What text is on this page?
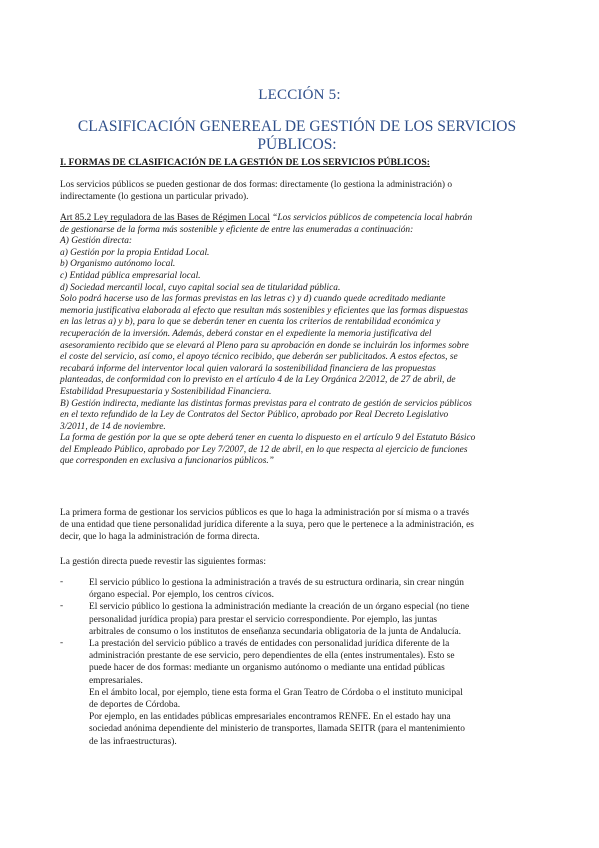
LECCIÓN 5:
CLASIFICACIÓN GENEREAL DE GESTIÓN DE LOS SERVICIOS
PÚBLICOS:
I. FORMAS DE CLASIFICACIÓN DE LA GESTIÓN DE LOS SERVICIOS PÚBLICOS:
Los servicios públicos se pueden gestionar de dos formas: directamente (lo gestiona la administración) o
indirectamente (lo gestiona un particular privado).
Art 85.2 Ley reguladora de las Bases de Régimen Local “Los servicios públicos de competencia local habrán
de gestionarse de la forma más sostenible y eficiente de entre las enumeradas a continuación:
A) Gestión directa:
a) Gestión por la propia Entidad Local.
b) Organismo autónomo local.
c) Entidad pública empresarial local.
d) Sociedad mercantil local, cuyo capital social sea de titularidad pública.
Solo podrá hacerse uso de las formas previstas en las letras c) y d) cuando quede acreditado mediante
memoria justificativa elaborada al efecto que resultan más sostenibles y eficientes que las formas dispuestas
en las letras a) y b), para lo que se deberán tener en cuenta los criterios de rentabilidad económica y
recuperación de la inversión. Además, deberá constar en el expediente la memoria justificativa del
asesoramiento recibido que se elevará al Pleno para su aprobación en donde se incluirán los informes sobre
el coste del servicio, así como, el apoyo técnico recibido, que deberán ser publicitados. A estos efectos, se
recabará informe del interventor local quien valorará la sostenibilidad financiera de las propuestas
planteadas, de conformidad con lo previsto en el artículo 4 de la Ley Orgánica 2/2012, de 27 de abril, de
Estabilidad Presupuestaria y Sostenibilidad Financiera.
B) Gestión indirecta, mediante las distintas formas previstas para el contrato de gestión de servicios públicos
en el texto refundido de la Ley de Contratos del Sector Público, aprobado por Real Decreto Legislativo
3/2011, de 14 de noviembre.
La forma de gestión por la que se opte deberá tener en cuenta lo dispuesto en el artículo 9 del Estatuto Básico
del Empleado Público, aprobado por Ley 7/2007, de 12 de abril, en lo que respecta al ejercicio de funciones
que corresponden en exclusiva a funcionarios públicos.”
La primera forma de gestionar los servicios públicos es que lo haga la administración por sí misma o a través
de una entidad que tiene personalidad jurídica diferente a la suya, pero que le pertenece a la administración, es
decir, que lo haga la administración de forma directa.
La gestión directa puede revestir las siguientes formas:
-	El servicio público lo gestiona la administración a través de su estructura ordinaria, sin crear ningún
órgano especial. Por ejemplo, los centros cívicos.
-	El servicio público lo gestiona la administración mediante la creación de un órgano especial (no tiene
personalidad jurídica propia) para prestar el servicio correspondiente. Por ejemplo, las juntas
arbitrales de consumo o los institutos de enseñanza secundaria obligatoria de la junta de Andalucía.
-	La prestación del servicio público a través de entidades con personalidad jurídica diferente de la
administración prestante de ese servicio, pero dependientes de ella (entes instrumentales). Esto se
puede hacer de dos formas: mediante un organismo autónomo o mediante una entidad públicas
empresariales.
En el ámbito local, por ejemplo, tiene esta forma el Gran Teatro de Córdoba o el instituto municipal
de deportes de Córdoba.
Por ejemplo, en las entidades públicas empresariales encontramos RENFE. En el estado hay una
sociedad anónima dependiente del ministerio de transportes, llamada SEITR (para el mantenimiento
de las infraestructuras).
